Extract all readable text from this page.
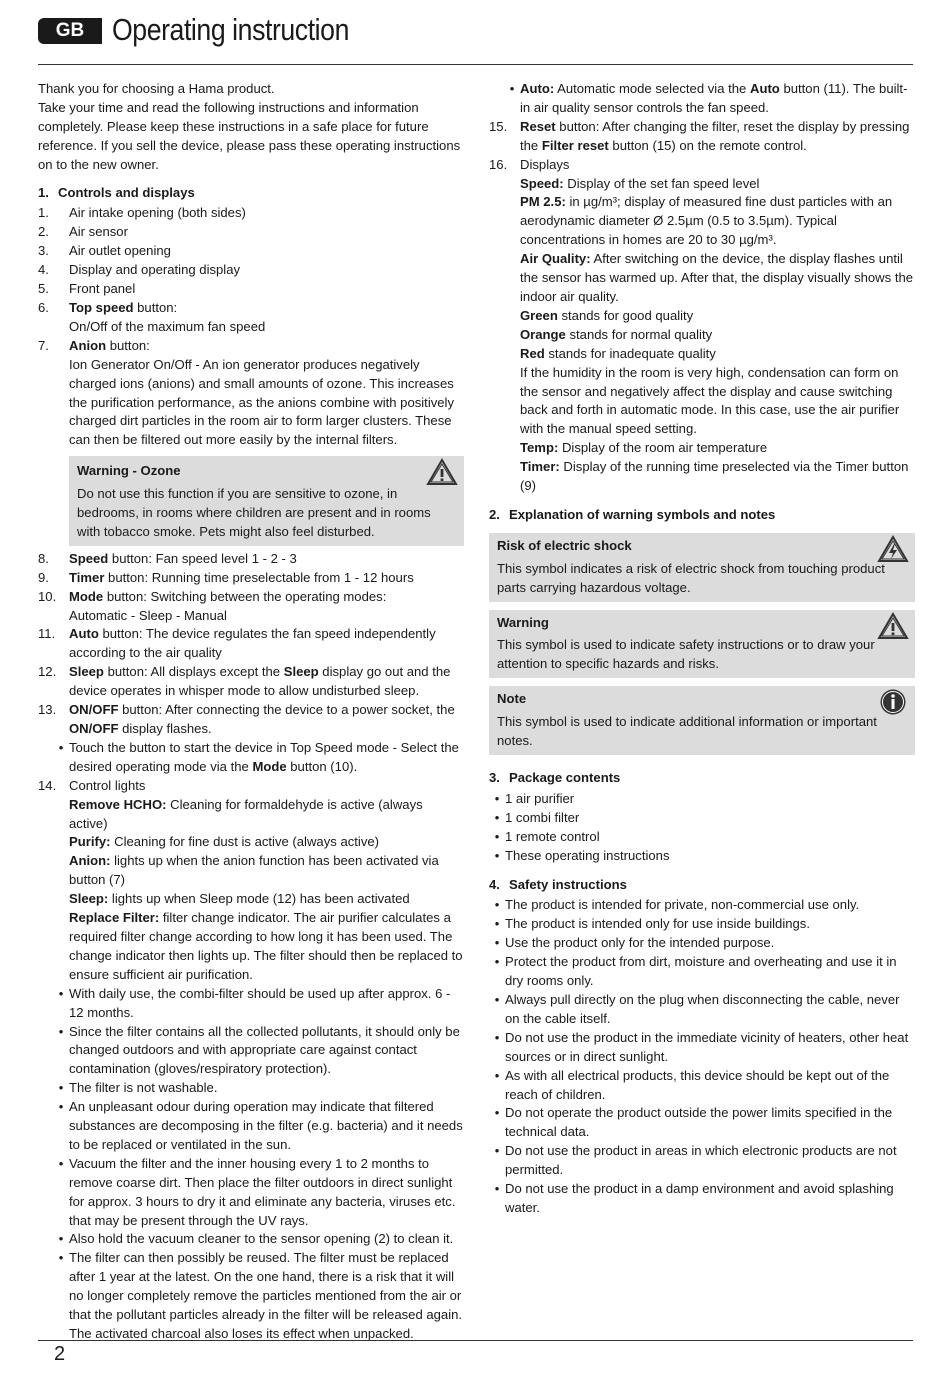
GB Operating instruction

Thank you for choosing a Hama product.

Take your time and read the following instructions and information completely. Please keep these instructions in a safe place for future reference. If you sell the device, please pass these operating instructions on to the new owner.

1. Controls and displays
1.	Air intake opening (both sides)
2.	Air sensor
3.	Air outlet opening
4.	Display and operating display
5.	Front panel
6.	Top speed button:
On/Off of the maximum fan speed
7.	Anion button:
Ion Generator On/Off - An ion generator produces negatively charged ions (anions) and small amounts of ozone. This increases the purification performance, as the anions combine with positively charged dirt particles in the room air to form larger clusters. These can then be filtered out more easily by the internal filters.
Warning - Ozone
Do not use this function if you are sensitive to ozone, in bedrooms, in rooms where children are present and in rooms with tobacco smoke. Pets might also feel disturbed.
8.	Speed button: Fan speed level 1 - 2 - 3
9.	Timer button: Running time preselectable from 1 - 12 hours
10. Mode button: Switching between the operating modes:
Automatic - Sleep - Manual
11.	Auto button: The device regulates the fan speed independently according to the air quality
12. Sleep button: All displays except the Sleep display go out and the device operates in whisper mode to allow undisturbed sleep.
13. ON/OFF button: After connecting the device to a power socket, the ON/OFF display flashes.
• Touch the button to start the device in Top Speed mode - Select the desired operating mode via the Mode button (10).
14. Control lights
Remove HCHO: Cleaning for formaldehyde is active (always active)
Purify: Cleaning for fine dust is active (always active)
Anion: lights up when the anion function has been activated via button (7)
Sleep: lights up when Sleep mode (12) has been activated
Replace Filter: filter change indicator. The air purifier calculates a required filter change according to how long it has been used. The change indicator then lights up. The filter should then be replaced to ensure sufficient air purification.
• With daily use, the combi-filter should be used up after approx. 6 - 12 months.
• Since the filter contains all the collected pollutants, it should only be changed outdoors and with appropriate care against contact contamination (gloves/respiratory protection).
• The filter is not washable.
• An unpleasant odour during operation may indicate that filtered substances are decomposing in the filter (e.g. bacteria) and it needs to be replaced or ventilated in the sun.
• Vacuum the filter and the inner housing every 1 to 2 months to remove coarse dirt. Then place the filter outdoors in direct sunlight for approx. 3 hours to dry it and eliminate any bacteria, viruses etc. that may be present through the UV rays.
• Also hold the vacuum cleaner to the sensor opening (2) to clean it.
• The filter can then possibly be reused. The filter must be replaced after 1 year at the latest. On the one hand, there is a risk that it will no longer completely remove the particles mentioned from the air or that the pollutant particles already in the filter will be released again. The activated charcoal also loses its effect when unpacked.
• Auto: Automatic mode selected via the Auto button (11). The built-in air quality sensor controls the fan speed.
15. Reset button: After changing the filter, reset the display by pressing the Filter reset button (15) on the remote control.
16. Displays
Speed: Display of the set fan speed level
PM 2.5: in µg/m³; display of measured fine dust particles with an aerodynamic diameter Ø 2.5µm (0.5 to 3.5µm). Typical concentrations in homes are 20 to 30 µg/m³.
Air Quality: After switching on the device, the display flashes until the sensor has warmed up. After that, the display visually shows the indoor air quality.
Green stands for good quality
Orange stands for normal quality
Red stands for inadequate quality
If the humidity in the room is very high, condensation can form on the sensor and negatively affect the display and cause switching back and forth in automatic mode. In this case, use the air purifier with the manual speed setting.
Temp: Display of the room air temperature
Timer: Display of the running time preselected via the Timer button (9)
2. Explanation of warning symbols and notes
Risk of electric shock
This symbol indicates a risk of electric shock from touching product parts carrying hazardous voltage.
Warning
This symbol is used to indicate safety instructions or to draw your attention to specific hazards and risks.
Note
This symbol is used to indicate additional information or important notes.
3. Package contents
• 1 air purifier
• 1 combi filter
• 1 remote control
• These operating instructions
4. Safety instructions
• The product is intended for private, non-commercial use only.
• The product is intended only for use inside buildings.
• Use the product only for the intended purpose.
• Protect the product from dirt, moisture and overheating and use it in dry rooms only.
• Always pull directly on the plug when disconnecting the cable, never on the cable itself.
• Do not use the product in the immediate vicinity of heaters, other heat sources or in direct sunlight.
• As with all electrical products, this device should be kept out of the reach of children.
• Do not operate the product outside the power limits specified in the technical data.
• Do not use the product in areas in which electronic products are not permitted.
• Do not use the product in a damp environment and avoid splashing water.
2
